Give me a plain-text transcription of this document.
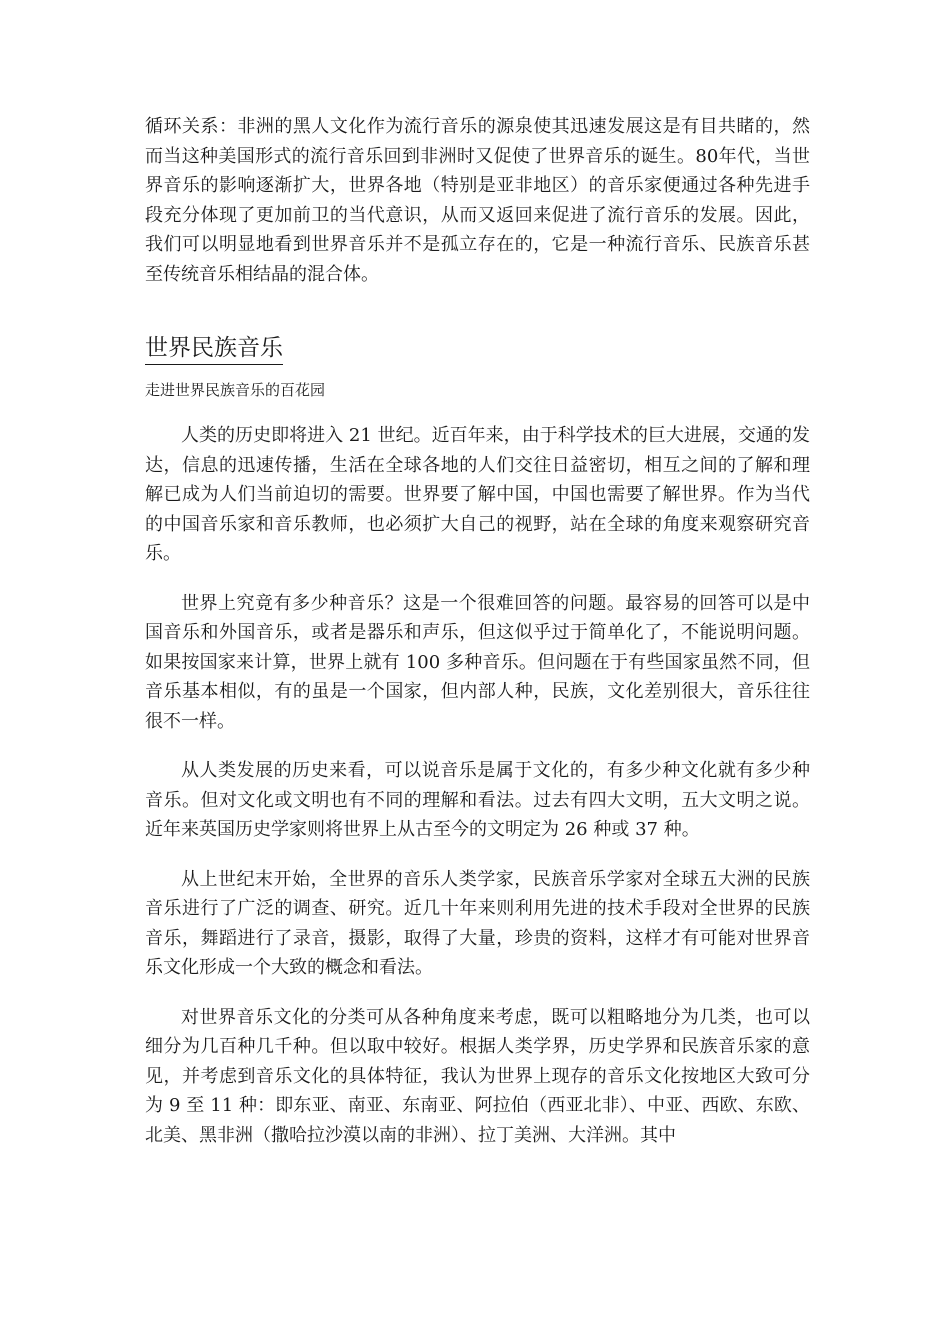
循环关系：非洲的黑人文化作为流行音乐的源泉使其迅速发展这是有目共睹的，然而当这种美国形式的流行音乐回到非洲时又促使了世界音乐的诞生。80年代，当世界音乐的影响逐渐扩大，世界各地（特别是亚非地区）的音乐家便通过各种先进手段充分体现了更加前卫的当代意识，从而又返回来促进了流行音乐的发展。因此，我们可以明显地看到世界音乐并不是孤立存在的，它是一种流行音乐、民族音乐甚至传统音乐相结晶的混合体。

世界民族音乐
走进世界民族音乐的百花园

人类的历史即将进入 21 世纪。近百年来，由于科学技术的巨大进展，交通的发达，信息的迅速传播，生活在全球各地的人们交往日益密切，相互之间的了解和理解已成为人们当前迫切的需要。世界要了解中国，中国也需要了解世界。作为当代的中国音乐家和音乐教师，也必须扩大自己的视野，站在全球的角度来观察研究音乐。

世界上究竟有多少种音乐？这是一个很难回答的问题。最容易的回答可以是中国音乐和外国音乐，或者是器乐和声乐，但这似乎过于简单化了，不能说明问题。如果按国家来计算，世界上就有 100 多种音乐。但问题在于有些国家虽然不同，但音乐基本相似，有的虽是一个国家，但内部人种，民族，文化差别很大，音乐往往很不一样。

从人类发展的历史来看，可以说音乐是属于文化的，有多少种文化就有多少种音乐。但对文化或文明也有不同的理解和看法。过去有四大文明，五大文明之说。近年来英国历史学家则将世界上从古至今的文明定为 26 种或 37 种。

从上世纪末开始，全世界的音乐人类学家，民族音乐学家对全球五大洲的民族音乐进行了广泛的调查、研究。近几十年来则利用先进的技术手段对全世界的民族音乐，舞蹈进行了录音，摄影，取得了大量，珍贵的资料，这样才有可能对世界音乐文化形成一个大致的概念和看法。

对世界音乐文化的分类可从各种角度来考虑，既可以粗略地分为几类，也可以细分为几百种几千种。但以取中较好。根据人类学界，历史学界和民族音乐家的意见，并考虑到音乐文化的具体特征，我认为世界上现存的音乐文化按地区大致可分为 9 至 11 种：即东亚、南亚、东南亚、阿拉伯（西亚北非）、中亚、西欧、东欧、北美、黑非洲（撒哈拉沙漠以南的非洲）、拉丁美洲、大洋洲。其中
